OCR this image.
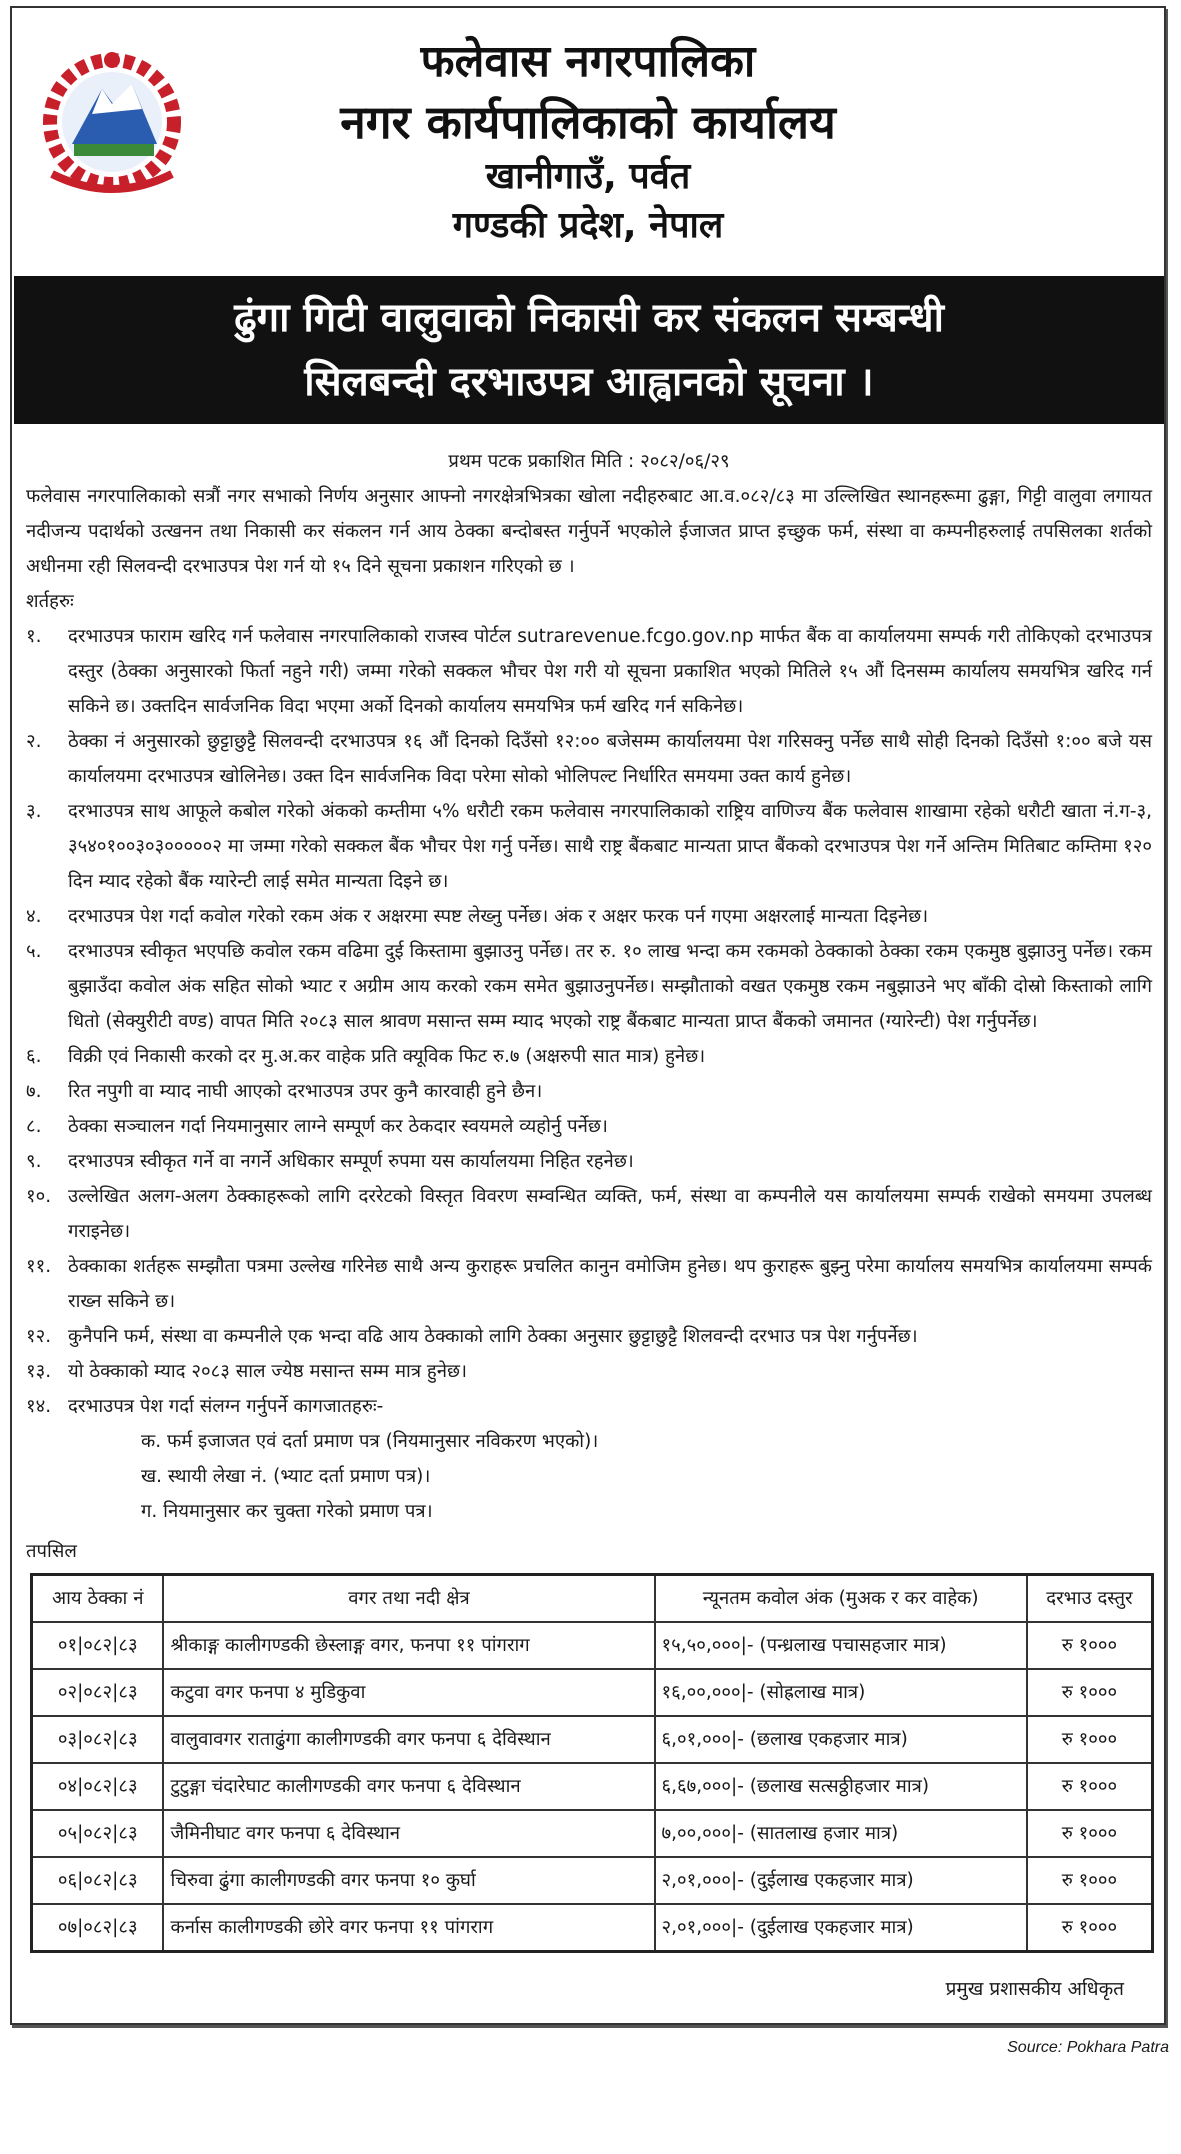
फलेवास नगरपालिका
नगर कार्यपालिकाको कार्यालय
खानीगाउँ, पर्वत
गण्डकी प्रदेश, नेपाल
ढुंगा गिटी वालुवाको निकासी कर संकलन सम्बन्धी
सिलबन्दी दरभाउपत्र आह्वानको सूचना ।
प्रथम पटक प्रकाशित मिति : २०८२/०६/२९
फलेवास नगरपालिकाको सत्रौं नगर सभाको निर्णय अनुसार आफ्नो नगरक्षेत्रभित्रका खोला नदीहरुबाट आ.व.०८२/८३ मा उल्लिखित स्थानहरूमा ढुङ्गा, गिट्टी वालुवा लगायत नदीजन्य पदार्थको उत्खनन तथा निकासी कर संकलन गर्न आय ठेक्का बन्दोबस्त गर्नुपर्ने भएकोले ईजाजत प्राप्त इच्छुक फर्म, संस्था वा कम्पनीहरुलाई तपसिलका शर्तको अधीनमा रही सिलवन्दी दरभाउपत्र पेश गर्न यो १५ दिने सूचना प्रकाशन गरिएको छ ।
शर्तहरुः
१.	दरभाउपत्र फाराम खरिद गर्न फलेवास नगरपालिकाको राजस्व पोर्टल sutrarevenue.fcgo.gov.np मार्फत बैंक वा कार्यालयमा सम्पर्क गरी तोकिएको दरभाउपत्र दस्तुर (ठेक्का अनुसारको फिर्ता नहुने गरी) जम्मा गरेको सक्कल भौचर पेश गरी यो सूचना प्रकाशित भएको मितिले १५ औं दिनसम्म कार्यालय समयभित्र खरिद गर्न सकिने छ। उक्तदिन सार्वजनिक विदा भएमा अर्को दिनको कार्यालय समयभित्र फर्म खरिद गर्न सकिनेछ।
२.	ठेक्का नं अनुसारको छुट्टाछुट्टै सिलवन्दी दरभाउपत्र १६ औं दिनको दिउँसो १२:०० बजेसम्म कार्यालयमा पेश गरिसक्नु पर्नेछ साथै सोही दिनको दिउँसो १:०० बजे यस कार्यालयमा दरभाउपत्र खोलिनेछ। उक्त दिन सार्वजनिक विदा परेमा सोको भोलिपल्ट निर्धारित समयमा उक्त कार्य हुनेछ।
३.	दरभाउपत्र साथ आफूले कबोल गरेको अंकको कम्तीमा ५% धरौटी रकम फलेवास नगरपालिकाको राष्ट्रिय वाणिज्य बैंक फलेवास शाखामा रहेको धरौटी खाता नं.ग-३, ३५४०१००३०३०००००२ मा जम्मा गरेको सक्कल बैंक भौचर पेश गर्नु पर्नेछ। साथै राष्ट्र बैंकबाट मान्यता प्राप्त बैंकको दरभाउपत्र पेश गर्ने अन्तिम मितिबाट कम्तिमा १२० दिन म्याद रहेको बैंक ग्यारेन्टी लाई समेत मान्यता दिइने छ।
४.	दरभाउपत्र पेश गर्दा कवोल गरेको रकम अंक र अक्षरमा स्पष्ट लेख्नु पर्नेछ। अंक र अक्षर फरक पर्न गएमा अक्षरलाई मान्यता दिइनेछ।
५.	दरभाउपत्र स्वीकृत भएपछि कवोल रकम वढिमा दुई किस्तामा बुझाउनु पर्नेछ। तर रु. १० लाख भन्दा कम रकमको ठेक्काको ठेक्का रकम एकमुष्ठ बुझाउनु पर्नेछ। रकम बुझाउँदा कवोल अंक सहित सोको भ्याट र अग्रीम आय करको रकम समेत बुझाउनुपर्नेछ। सम्झौताको वखत एकमुष्ठ रकम नबुझाउने भए बाँकी दोस्रो किस्ताको लागि धितो (सेक्युरीटी वण्ड) वापत मिति २०८३ साल श्रावण मसान्त सम्म म्याद भएको राष्ट्र बैंकबाट मान्यता प्राप्त बैंकको जमानत (ग्यारेन्टी) पेश गर्नुपर्नेछ।
६.	विक्री एवं निकासी करको दर मु.अ.कर वाहेक प्रति क्यूविक फिट रु.७ (अक्षरुपी सात मात्र) हुनेछ।
७.	रित नपुगी वा म्याद नाघी आएको दरभाउपत्र उपर कुनै कारवाही हुने छैन।
८.	ठेक्का सञ्चालन गर्दा नियमानुसार लाग्ने सम्पूर्ण कर ठेकदार स्वयमले व्यहोर्नु पर्नेछ।
९.	दरभाउपत्र स्वीकृत गर्ने वा नगर्ने अधिकार सम्पूर्ण रुपमा यस कार्यालयमा निहित रहनेछ।
१०. उल्लेखित अलग-अलग ठेक्काहरूको लागि दररेटको विस्तृत विवरण सम्वन्धित व्यक्ति, फर्म, संस्था वा कम्पनीले यस कार्यालयमा सम्पर्क राखेको समयमा उपलब्ध गराइनेछ।
११. ठेक्काका शर्तहरू सम्झौता पत्रमा उल्लेख गरिनेछ साथै अन्य कुराहरू प्रचलित कानुन वमोजिम हुनेछ। थप कुराहरू बुझ्नु परेमा कार्यालय समयभित्र कार्यालयमा सम्पर्क राख्न सकिने छ।
१२. कुनैपनि फर्म, संस्था वा कम्पनीले एक भन्दा वढि आय ठेक्काको लागि ठेक्का अनुसार छुट्टाछुट्टै शिलवन्दी दरभाउ पत्र पेश गर्नुपर्नेछ।
१३. यो ठेक्काको म्याद २०८३ साल ज्येष्ठ मसान्त सम्म मात्र हुनेछ।
१४. दरभाउपत्र पेश गर्दा संलग्न गर्नुपर्ने कागजातहरुः-
क. फर्म इजाजत एवं दर्ता प्रमाण पत्र (नियमानुसार नविकरण भएको)।
ख. स्थायी लेखा नं. (भ्याट दर्ता प्रमाण पत्र)।
ग. नियमानुसार कर चुक्ता गरेको प्रमाण पत्र।
तपसिल
आय ठेक्का नं	वगर तथा नदी क्षेत्र	न्यूनतम कवोल अंक (मुअक र कर वाहेक)	दरभाउ दस्तुर
०१|०८२|८३	श्रीकाङ्ग कालीगण्डकी छेस्लाङ्ग वगर, फनपा ११ पांगराग	१५,५०,०००|- (पन्ध्रलाख पचासहजार मात्र)	रु १०००
०२|०८२|८३	कटुवा वगर फनपा ४ मुडिकुवा	१६,००,०००|- (सोह्रलाख मात्र)	रु १०००
०३|०८२|८३	वालुवावगर राताढुंगा कालीगण्डकी वगर फनपा ६ देविस्थान	६,०१,०००|- (छलाख एकहजार मात्र)	रु १०००
०४|०८२|८३	टुटुङ्गा चंदारेघाट कालीगण्डकी वगर फनपा ६ देविस्थान	६,६७,०००|- (छलाख सत्सठ्ठीहजार मात्र)	रु १०००
०५|०८२|८३	जैमिनीघाट वगर फनपा ६ देविस्थान	७,००,०००|- (सातलाख हजार मात्र)	रु १०००
०६|०८२|८३	चिरुवा ढुंगा कालीगण्डकी वगर फनपा १० कुर्घा	२,०१,०००|- (दुईलाख एकहजार मात्र)	रु १०००
०७|०८२|८३	कर्नास कालीगण्डकी छोरे वगर फनपा ११ पांगराग	२,०१,०००|- (दुईलाख एकहजार मात्र)	रु १०००
प्रमुख प्रशासकीय अधिकृत
Source: Pokhara Patra
